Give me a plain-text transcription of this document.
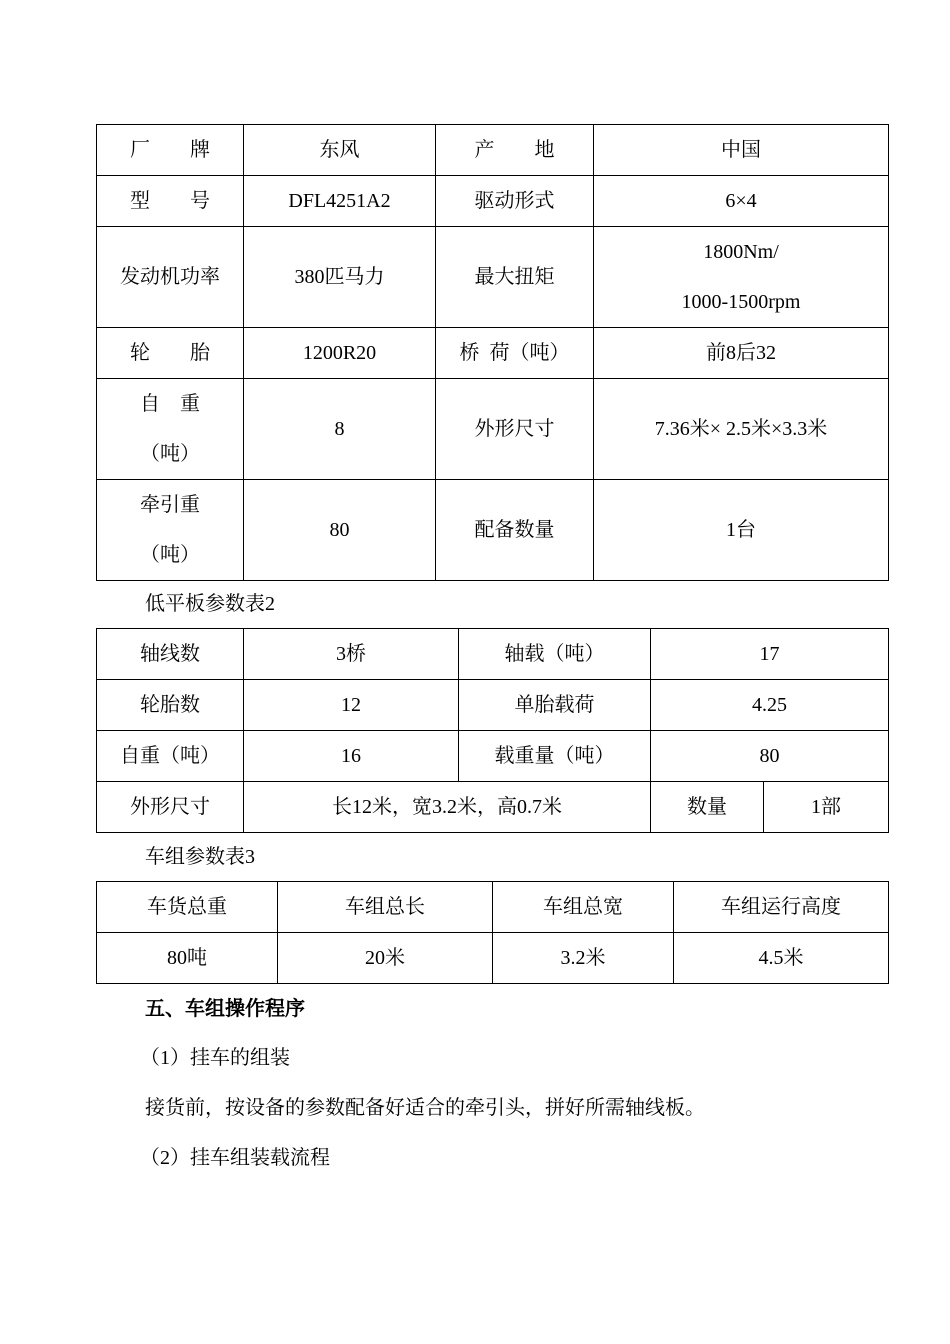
厂　　牌	东风	产　　地	中国
型　　号	DFL4251A2	驱动形式	6×4
发动机功率	380匹马力	最大扭矩	1800Nm/
1000-1500rpm

轮　　胎	1200R20	桥  荷（吨）	前8后32

自　重
（吨）	8	外形尺寸	7.36米× 2.5米×3.3米

牵引重
（吨）	80	配备数量	1台
低平板参数表2
轴线数	3桥	轴载（吨）	17	
轮胎数	12	单胎载荷	4.25	
自重（吨）	16	载重量（吨）	80	
外形尺寸	长12米，宽3.2米，高0.7米		数量	1部
车组参数表3
车货总重	车组总长	车组总宽	车组运行高度
80吨	20米	3.2米	4.5米
五、车组操作程序
（1）挂车的组装
接货前，按设备的参数配备好适合的牵引头，拼好所需轴线板。
（2）挂车组装载流程
